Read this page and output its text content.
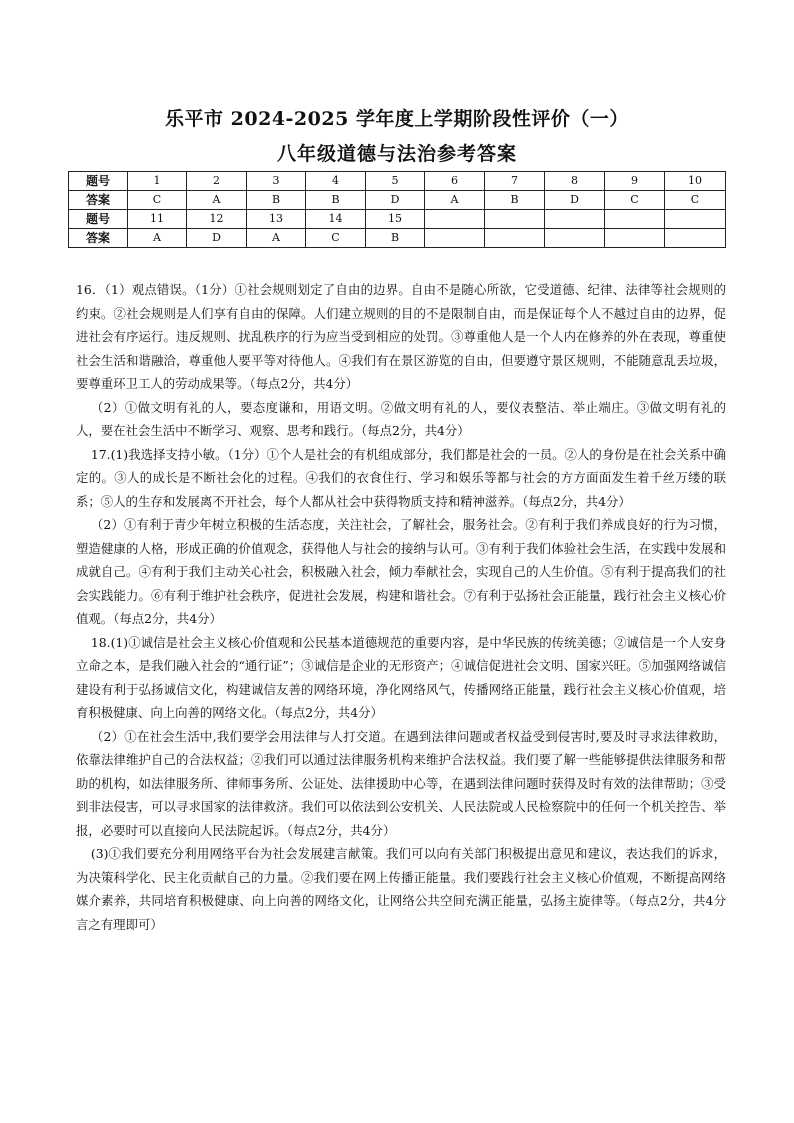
乐平市 2024-2025 学年度上学期阶段性评价（一）
八年级道德与法治参考答案
题号	1	2	3	4	5	6	7	8	9	10
答案	C	A	B	B	D	A	B	D	C	C
题号	11	12	13	14	15					
答案	A	D	A	C	B					

16．（1）观点错误。（1分）①社会规则划定了自由的边界。自由不是随心所欲，它受道德、纪律、法律等社会规则的约束。②社会规则是人们享有自由的保障。人们建立规则的目的不是限制自由，而是保证每个人不越过自由的边界，促进社会有序运行。违反规则、扰乱秩序的行为应当受到相应的处罚。③尊重他人是一个人内在修养的外在表现，尊重使社会生活和谐融洽，尊重他人要平等对待他人。④我们有在景区游览的自由，但要遵守景区规则，不能随意乱丢垃圾，要尊重环卫工人的劳动成果等。（每点2分，共4分）

（2）①做文明有礼的人，要态度谦和，用语文明。②做文明有礼的人，要仪表整洁、举止端庄。③做文明有礼的人，要在社会生活中不断学习、观察、思考和践行。（每点2分，共4分）

17.(1)我选择支持小敏。（1分）①个人是社会的有机组成部分，我们都是社会的一员。②人的身份是在社会关系中确定的。③人的成长是不断社会化的过程。④我们的衣食住行、学习和娱乐等都与社会的方方面面发生着千丝万缕的联系；⑤人的生存和发展离不开社会，每个人都从社会中获得物质支持和精神滋养。（每点2分，共4分）

（2）①有利于青少年树立积极的生活态度，关注社会，了解社会，服务社会。②有利于我们养成良好的行为习惯，塑造健康的人格，形成正确的价值观念，获得他人与社会的接纳与认可。③有利于我们体验社会生活，在实践中发展和成就自己。④有利于我们主动关心社会，积极融入社会，倾力奉献社会，实现自己的人生价值。⑤有利于提高我们的社会实践能力。⑥有利于维护社会秩序，促进社会发展，构建和谐社会。⑦有利于弘扬社会正能量，践行社会主义核心价值观。（每点2分，共4分）

18.(1)①诚信是社会主义核心价值观和公民基本道德规范的重要内容，是中华民族的传统美德；②诚信是一个人安身立命之本，是我们融入社会的“通行证”；③诚信是企业的无形资产；④诚信促进社会文明、国家兴旺。⑤加强网络诚信建设有利于弘扬诚信文化，构建诚信友善的网络环境，净化网络风气，传播网络正能量，践行社会主义核心价值观，培育积极健康、向上向善的网络文化。（每点2分，共4分）

（2）①在社会生活中,我们要学会用法律与人打交道。在遇到法律问题或者权益受到侵害时,要及时寻求法律救助，依靠法律维护自己的合法权益；②我们可以通过法律服务机构来维护合法权益。我们要了解一些能够提供法律服务和帮助的机构，如法律服务所、律师事务所、公证处、法律援助中心等，在遇到法律问题时获得及时有效的法律帮助；③受到非法侵害，可以寻求国家的法律救济。我们可以依法到公安机关、人民法院或人民检察院中的任何一个机关控告、举报，必要时可以直接向人民法院起诉。（每点2分，共4分）

(3)①我们要充分利用网络平台为社会发展建言献策。我们可以向有关部门积极提出意见和建议，表达我们的诉求，为决策科学化、民主化贡献自己的力量。②我们要在网上传播正能量。我们要践行社会主义核心价值观，不断提高网络媒介素养，共同培育积极健康、向上向善的网络文化，让网络公共空间充满正能量，弘扬主旋律等。（每点2分，共4分言之有理即可）
